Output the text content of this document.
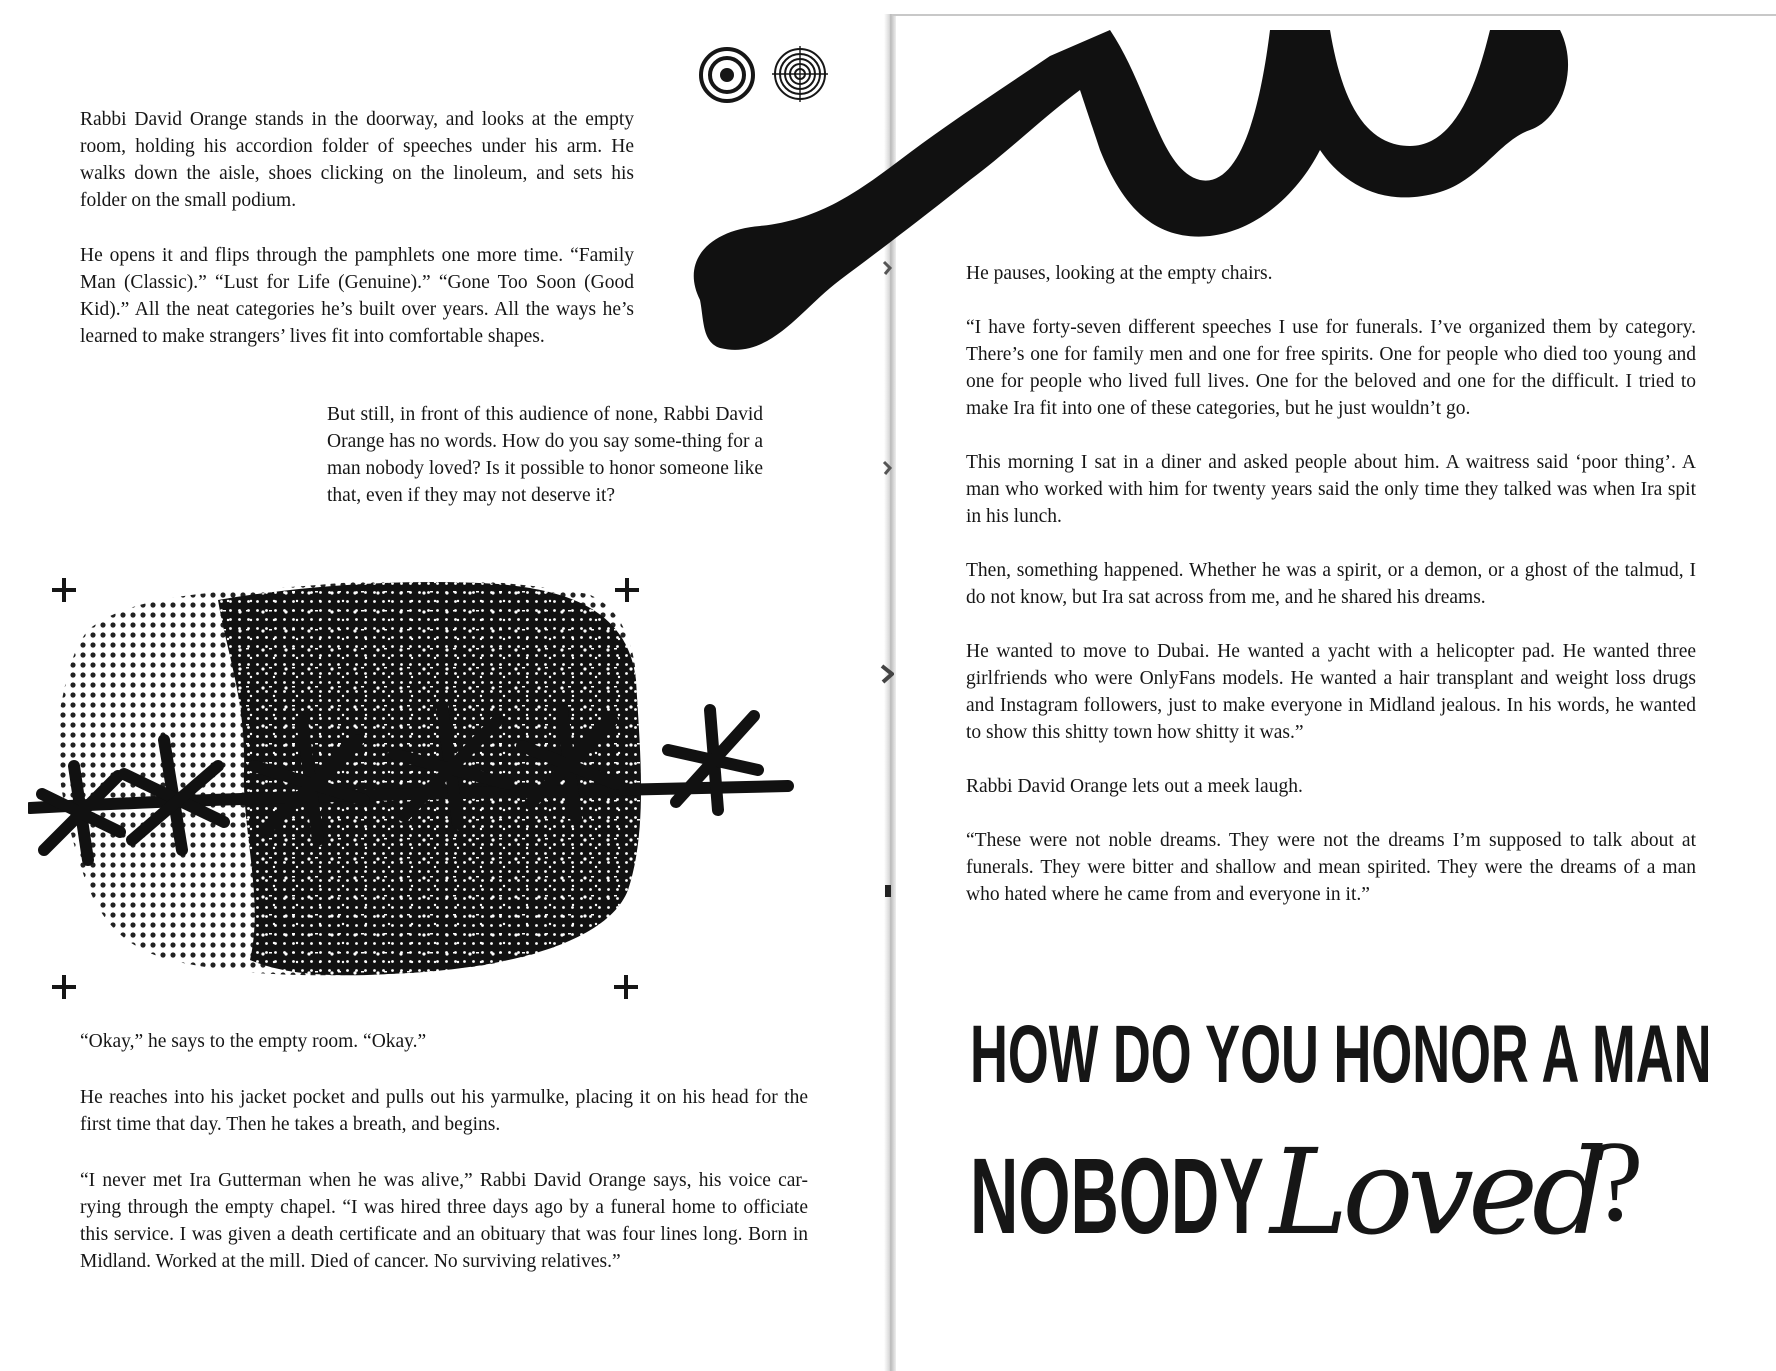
Rabbi David Orange stands in the doorway, and looks at the empty room, holding his accordion folder of speeches under his arm. He walks down the aisle, shoes clicking on the linoleum, and sets his folder on the small podium.

He opens it and flips through the pamphlets one more time. “Family Man (Classic).” “Lust for Life (Genuine).” “Gone Too Soon (Good Kid).” All the neat categories he’s built over years. All the ways he’s learned to make strangers’ lives fit into comfortable shapes.

But still, in front of this audience of none, Rabbi David Orange has no words. How do you say some-thing for a man nobody loved? Is it possible to honor someone like that, even if they may not deserve it?

“Okay,” he says to the empty room. “Okay.”

He reaches into his jacket pocket and pulls out his yarmulke, placing it on his head for the first time that day. Then he takes a breath, and begins.

“I never met Ira Gutterman when he was alive,” Rabbi David Orange says, his voice car-rying through the empty chapel. “I was hired three days ago by a funeral home to officiate this service. I was given a death certificate and an obituary that was four lines long. Born in Midland. Worked at the mill. Died of cancer. No surviving relatives.”

He pauses, looking at the empty chairs.

“I have forty-seven different speeches I use for funerals. I’ve organized them by category. There’s one for family men and one for free spirits. One for people who died too young and one for people who lived full lives. One for the beloved and one for the difficult. I tried to make Ira fit into one of these categories, but he just wouldn’t go.

This morning I sat in a diner and asked people about him. A waitress said ‘poor thing’. A man who worked with him for twenty years said the only time they talked was when Ira spit in his lunch.

Then, something happened. Whether he was a spirit, or a demon, or a ghost of the talmud, I do not know, but Ira sat across from me, and he shared his dreams.

He wanted to move to Dubai. He wanted a yacht with a helicopter pad. He wanted three girlfriends who were OnlyFans models. He wanted a hair transplant and weight loss drugs and Instagram followers, just to make everyone in Midland jealous. In his words, he wanted to show this shitty town how shitty it was.”

Rabbi David Orange lets out a meek laugh.

“These were not noble dreams. They were not the dreams I’m supposed to talk about at funerals. They were bitter and shallow and mean spirited. They were the dreams of a man who hated where he came from and everyone in it.”

HOW DO YOU HONOR A MAN
NOBODY Loved
?
